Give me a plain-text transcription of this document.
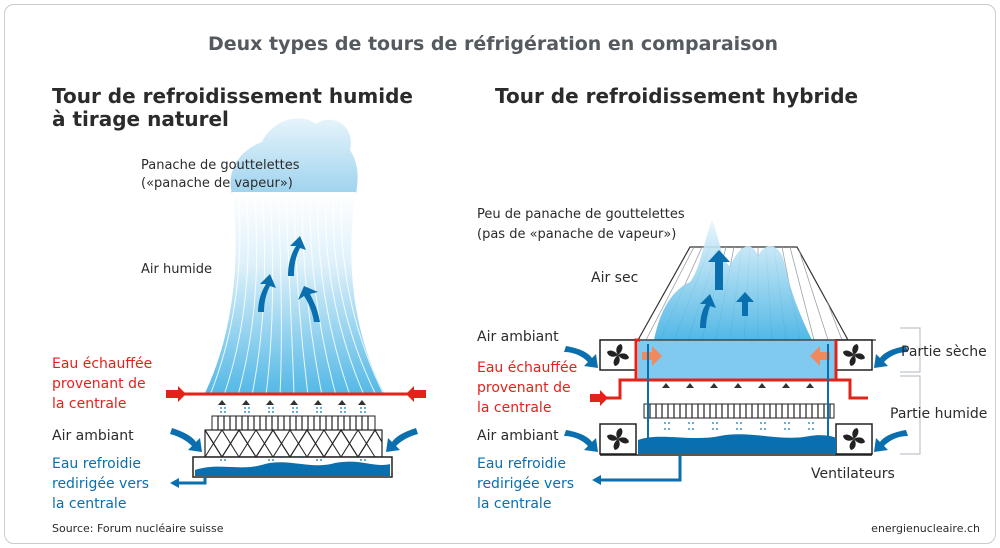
Deux types de tours de réfrigération en comparaison
Tour de refroidissement humide
à tirage naturel
Panache de gouttelettes
(«panache de vapeur»)
Air humide
Eau échauffée
provenant de
la centrale
Air ambiant
Eau refroidie
redirigée vers
la centrale
Tour de refroidissement hybride
Peu de panache de gouttelettes
(pas de «panache de vapeur»)
Air sec
Air ambiant
Eau échauffée
provenant de
la centrale
Air ambiant
Eau refroidie
redirigée vers
la centrale
Partie sèche
Partie humide
Ventilateurs
Source: Forum nucléaire suisse	energienucleaire.ch
